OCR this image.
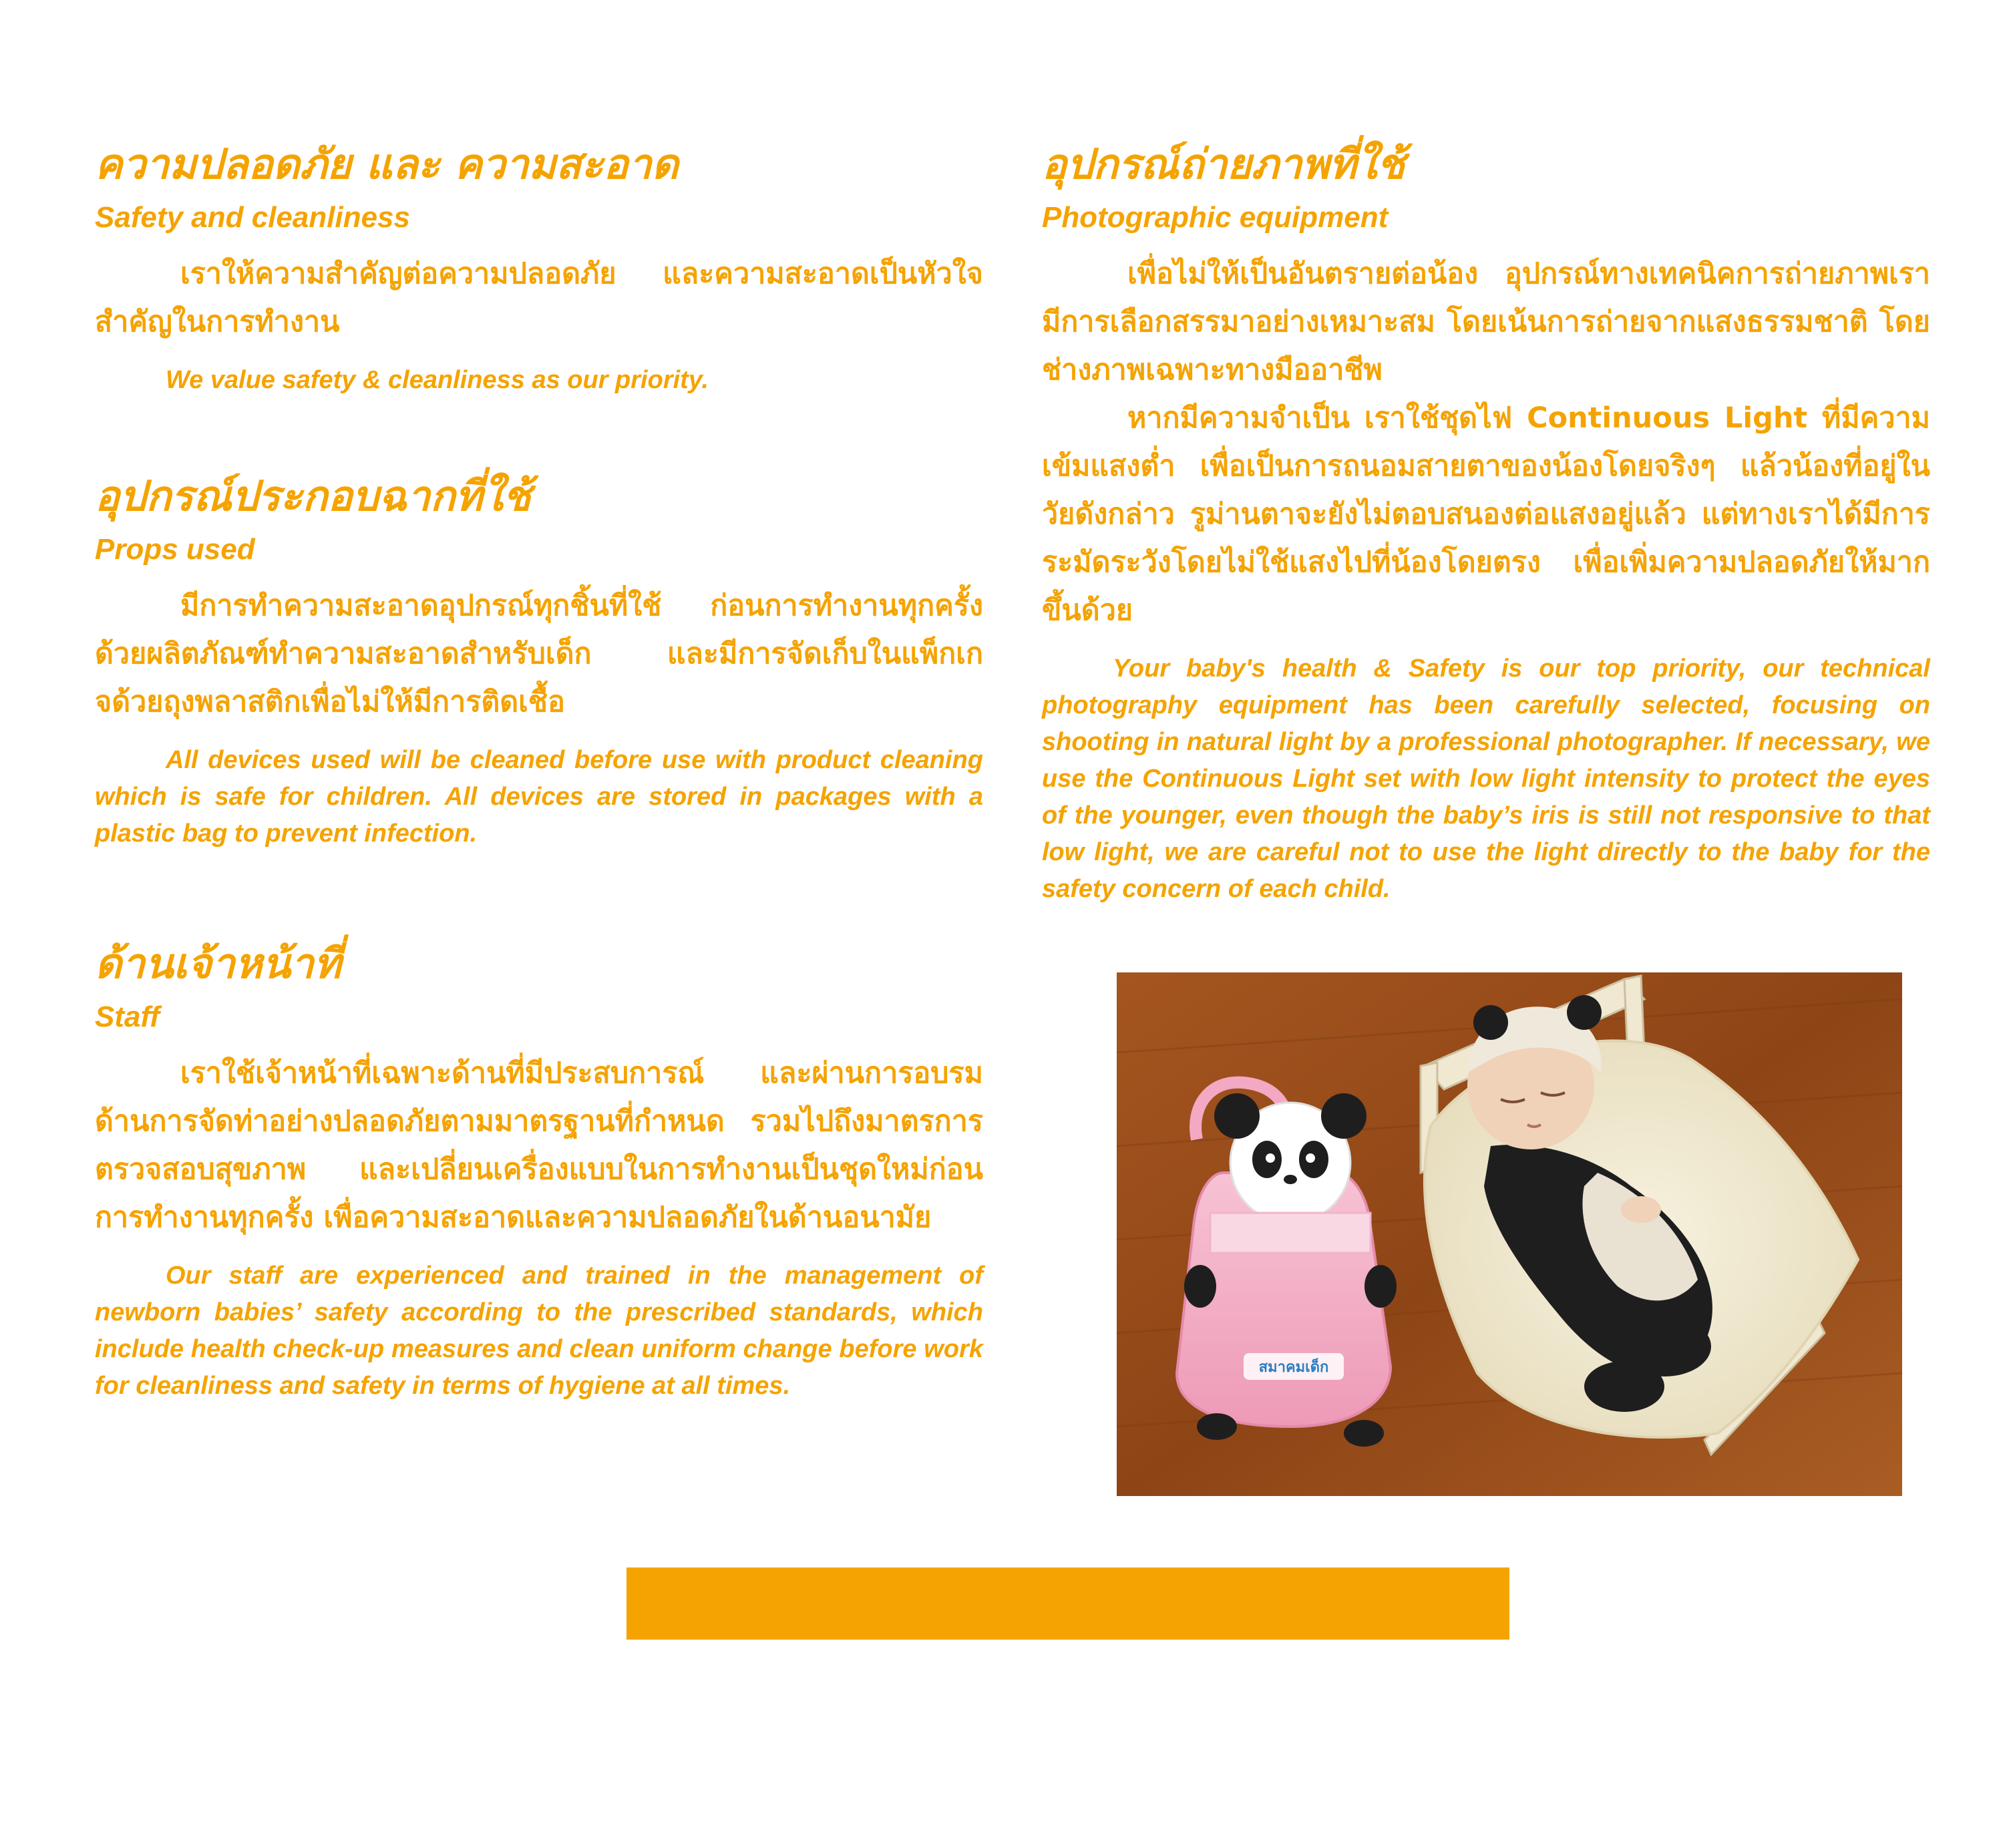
ความปลอดภัย และ ความสะอาด
Safety and cleanliness

เราให้ความสำคัญต่อความปลอดภัย และความสะอาดเป็นหัวใจสำคัญในการทำงาน

We value safety & cleanliness as our priority.

อุปกรณ์ประกอบฉากที่ใช้
Props used

มีการทำความสะอาดอุปกรณ์ทุกชิ้นที่ใช้ ก่อนการทำงานทุกครั้ง ด้วยผลิตภัณฑ์ทำความสะอาดสำหรับเด็ก และมีการจัดเก็บในแพ็กเกจด้วยถุงพลาสติกเพื่อไม่ให้มีการติดเชื้อ

All devices used will be cleaned before use with product cleaning which is safe for children. All devices are stored in packages with a plastic bag to prevent infection.

ด้านเจ้าหน้าที่
Staff

เราใช้เจ้าหน้าที่เฉพาะด้านที่มีประสบการณ์ และผ่านการอบรมด้านการจัดท่าอย่างปลอดภัยตามมาตรฐานที่กำหนด รวมไปถึงมาตรการตรวจสอบสุขภาพ และเปลี่ยนเครื่องแบบในการทำงานเป็นชุดใหม่ก่อนการทำงานทุกครั้ง เพื่อความสะอาดและความปลอดภัยในด้านอนามัย

Our staff are experienced and trained in the management of newborn babies’ safety according to the prescribed standards, which include health check-up measures and clean uniform change before work for cleanliness and safety in terms of hygiene at all times.

อุปกรณ์ถ่ายภาพที่ใช้
Photographic equipment

เพื่อไม่ให้เป็นอันตรายต่อน้อง อุปกรณ์ทางเทคนิคการถ่ายภาพเรามีการเลือกสรรมาอย่างเหมาะสม โดยเน้นการถ่ายจากแสงธรรมชาติ โดยช่างภาพเฉพาะทางมืออาชีพ

หากมีความจำเป็น เราใช้ชุดไฟ Continuous Light ที่มีความเข้มแสงต่ำ เพื่อเป็นการถนอมสายตาของน้องโดยจริงๆ แล้วน้องที่อยู่ในวัยดังกล่าว รูม่านตาจะยังไม่ตอบสนองต่อแสงอยู่แล้ว แต่ทางเราได้มีการระมัดระวังโดยไม่ใช้แสงไปที่น้องโดยตรง เพื่อเพิ่มความปลอดภัยให้มากขึ้นด้วย

Your baby's health & Safety is our top priority, our technical photography equipment has been carefully selected, focusing on shooting in natural light by a professional photographer. If necessary, we use the Continuous Light set with low light intensity to protect the eyes of the younger, even though the baby’s iris is still not responsive to that low light, we are careful not to use the light directly to the baby for the safety concern of each child.

สมาคมเด็ก
